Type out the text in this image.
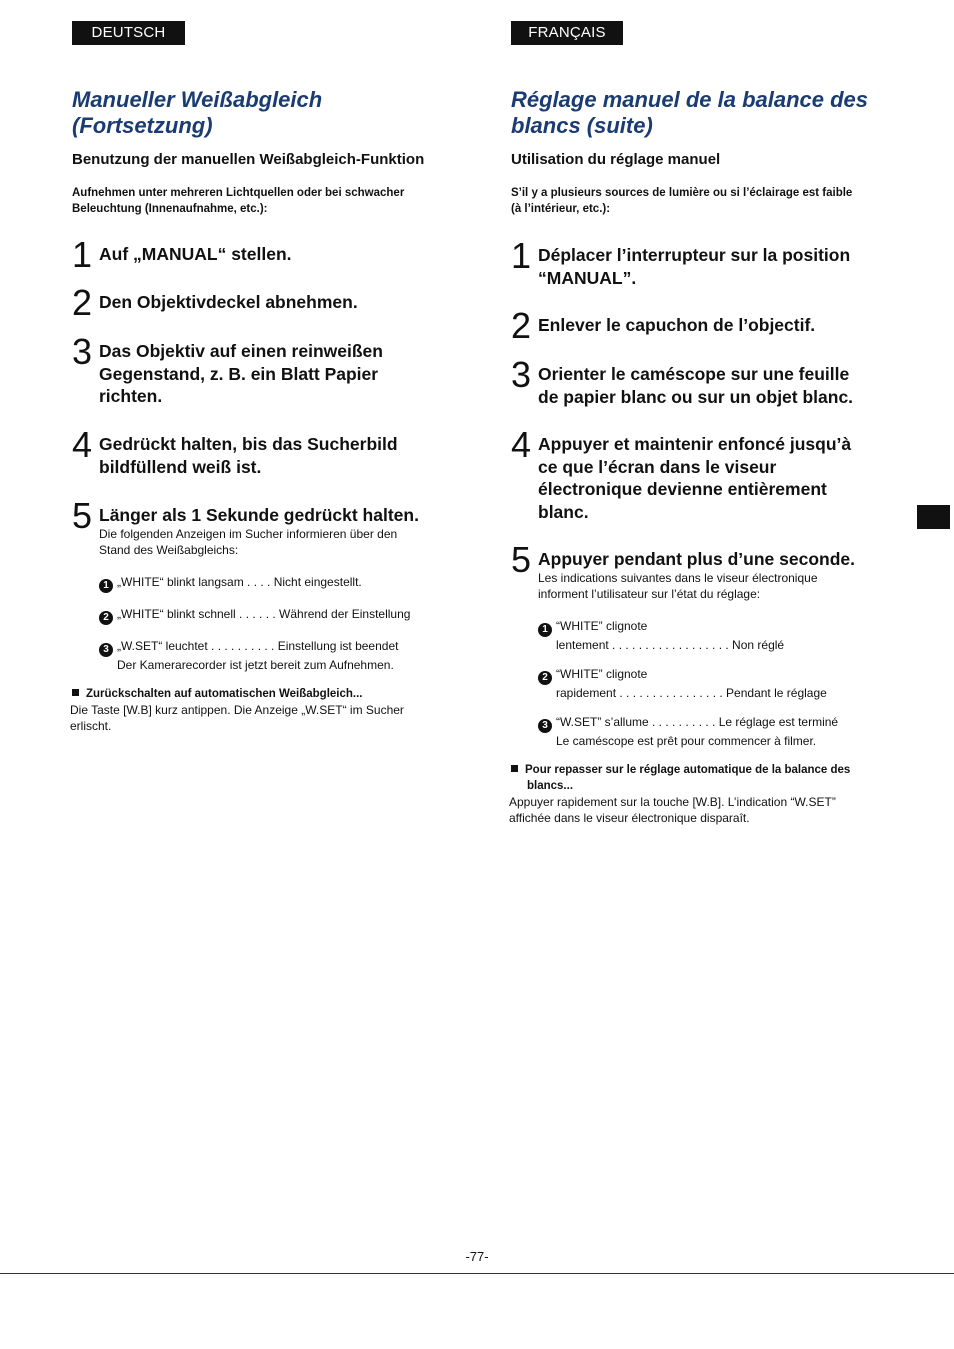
DEUTSCH	FRANÇAIS
Manueller Weißabgleich
(Fortsetzung)
Benutzung der manuellen Weißabgleich-Funktion
Aufnehmen unter mehreren Lichtquellen oder bei schwacher
Beleuchtung (Innenaufnahme, etc.):
1 Auf „MANUAL“ stellen.
2 Den Objektivdeckel abnehmen.
3 Das Objektiv auf einen reinweißen
Gegenstand, z. B. ein Blatt Papier
richten.
4 Gedrückt halten, bis das Sucherbild
bildfüllend weiß ist.
5 Länger als 1 Sekunde gedrückt halten.
Die folgenden Anzeigen im Sucher informieren über den
Stand des Weißabgleichs:
1 „WHITE“ blinkt langsam . . . . Nicht eingestellt.
2 „WHITE“ blinkt schnell . . . . . . Während der Einstellung
3 „W.SET“ leuchtet . . . . . . . . . . Einstellung ist beendet
Der Kamerarecorder ist jetzt bereit zum Aufnehmen.
Zurückschalten auf automatischen Weißabgleich...
Die Taste [W.B] kurz antippen. Die Anzeige „W.SET“ im Sucher
erlischt.
Réglage manuel de la balance des
blancs (suite)
Utilisation du réglage manuel
S’il y a plusieurs sources de lumière ou si l’éclairage est faible
(à l’intérieur, etc.):
1 Déplacer l’interrupteur sur la position
“MANUAL”.
2 Enlever le capuchon de l’objectif.
3 Orienter le caméscope sur une feuille
de papier blanc ou sur un objet blanc.
4 Appuyer et maintenir enfoncé jusqu’à
ce que l’écran dans le viseur
électronique devienne entièrement
blanc.
5 Appuyer pendant plus d’une seconde.
Les indications suivantes dans le viseur électronique
informent l’utilisateur sur l’état du réglage:
1 “WHITE” clignote
lentement . . . . . . . . . . . . . . . . . . Non réglé
2 “WHITE” clignote
rapidement . . . . . . . . . . . . . . . . Pendant le réglage
3 “W.SET” s’allume . . . . . . . . . . Le réglage est terminé
Le caméscope est prêt pour commencer à filmer.
Pour repasser sur le réglage automatique de la balance des
blancs...
Appuyer rapidement sur la touche [W.B]. L’indication “W.SET”
affichée dans le viseur électronique disparaît.
-77-
